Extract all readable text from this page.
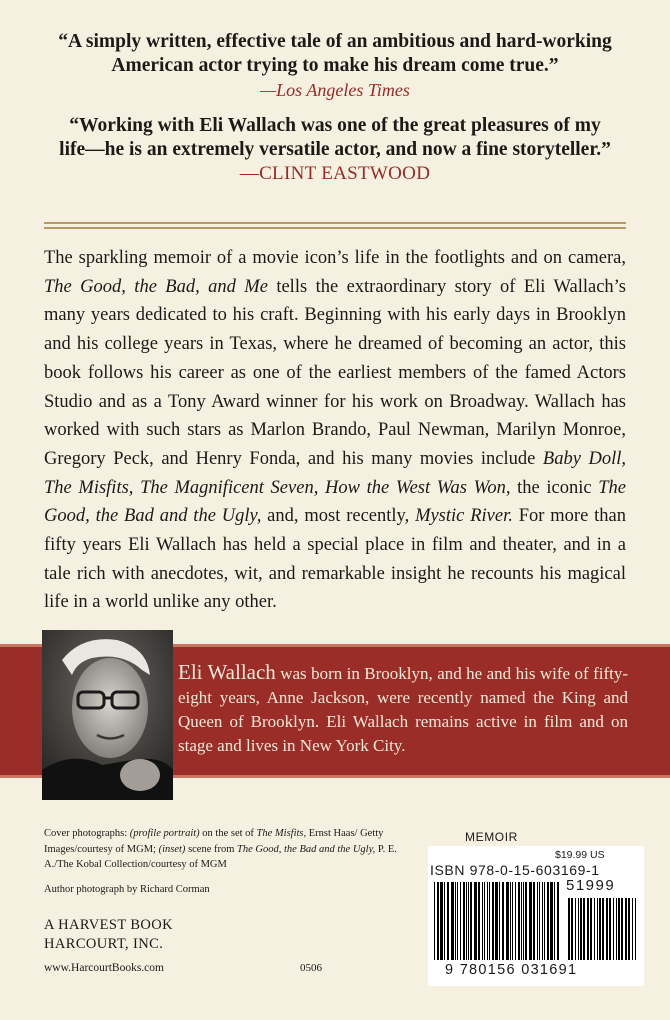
“A simply written, effective tale of an ambitious and hard-working
American actor trying to make his dream come true.”
—Los Angeles Times
“Working with Eli Wallach was one of the great pleasures of my
life—he is an extremely versatile actor, and now a fine storyteller.”
—CLINT EASTWOOD
The sparkling memoir of a movie icon’s life in the footlights and on camera, The Good, the Bad, and Me tells the extraordinary story of Eli Wallach’s many years dedicated to his craft. Beginning with his early days in Brooklyn and his college years in Texas, where he dreamed of becoming an actor, this book follows his career as one of the earliest members of the famed Actors Studio and as a Tony Award winner for his work on Broadway. Wallach has worked with such stars as Marlon Brando, Paul Newman, Marilyn Monroe, Gregory Peck, and Henry Fonda, and his many movies include Baby Doll, The Misfits, The Magnificent Seven, How the West Was Won, the iconic The Good, the Bad and the Ugly, and, most recently, Mystic River. For more than fifty years Eli Wallach has held a special place in film and theater, and in a tale rich with anecdotes, wit, and remarkable insight he recounts his magical life in a world unlike any other.
Eli Wallach was born in Brooklyn, and he and his wife of fifty-eight years, Anne Jackson, were recently named the King and Queen of Brooklyn. Eli Wallach remains active in film and on stage and lives in New York City.
Cover photographs: (profile portrait) on the set of The Misfits, Ernst Haas/ Getty Images/courtesy of MGM; (inset) scene from The Good, the Bad and the Ugly, P. E. A./The Kobal Collection/courtesy of MGM
Author photograph by Richard Corman
A HARVEST BOOK
HARCOURT, INC.
www.HarcourtBooks.com	0506
MEMOIR
$19.99 US
ISBN 978-0-15-603169-1
51999
9 780156 031691
